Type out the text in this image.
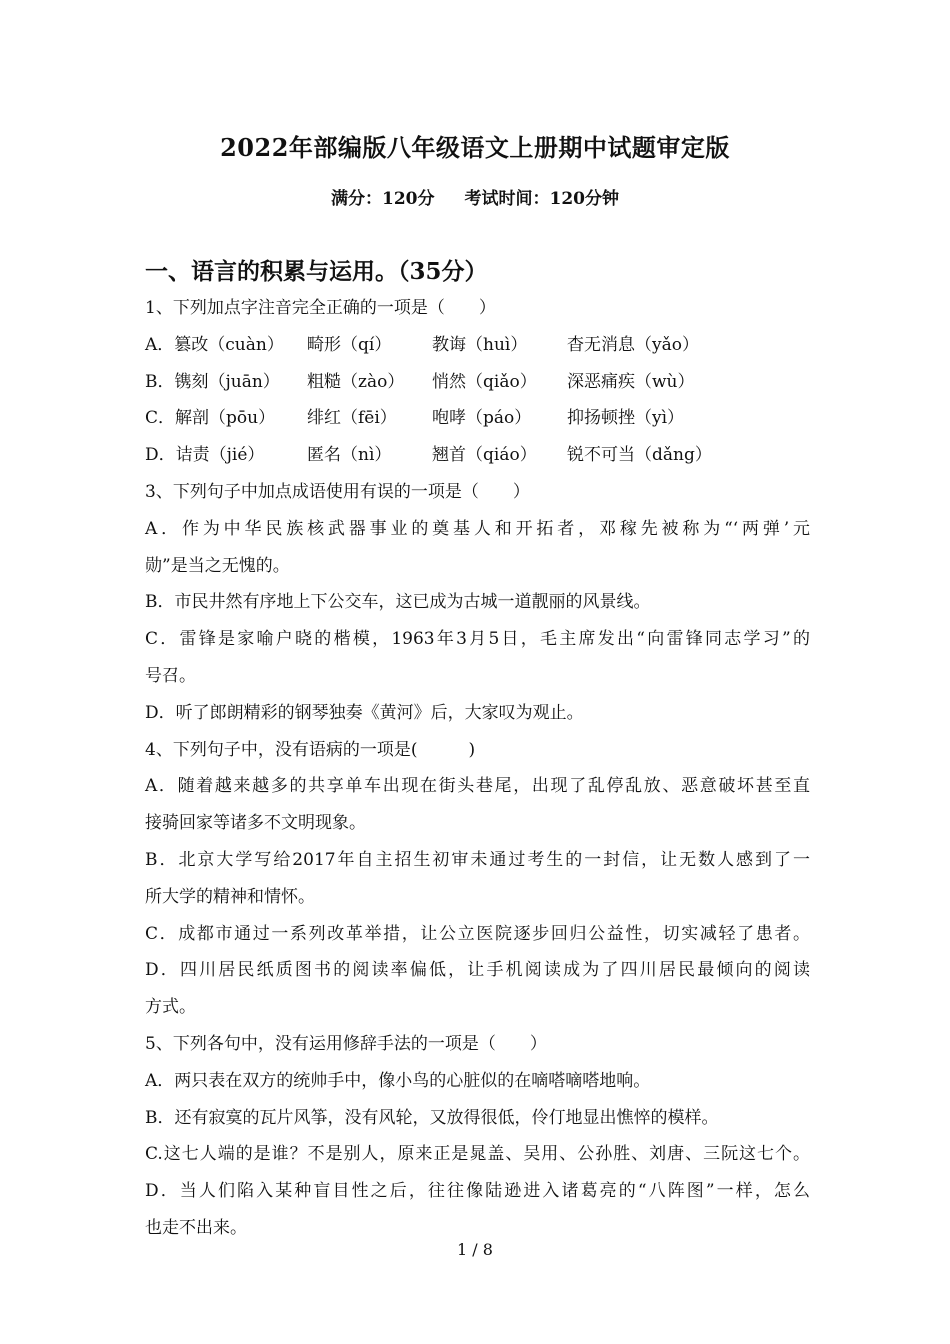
2022年部编版八年级语文上册期中试题审定版
满分：120分 考试时间：120分钟
一、语言的积累与运用。（35分）
1、下列加点字注音完全正确的一项是（　　）
A．篡改（cuàn）	畸形（qí）	教诲（huì）	杳无消息（yǎo）
B．镌刻（juān）	粗糙（zào）	悄然（qiǎo）	深恶痛疾（wù）
C．解剖（pōu）	绯红（fēi）	咆哮（páo）	抑扬顿挫（yì）
D．诘责（jié）	匿名（nì）	翘首（qiáo）	锐不可当（dǎng）
3、下列句子中加点成语使用有误的一项是（　　）
A．作为中华民族核武器事业的奠基人和开拓者，邓稼先被称为“‘两弹’元
勋”是当之无愧的。
B．市民井然有序地上下公交车，这已成为古城一道靓丽的风景线。
C．雷锋是家喻户晓的楷模，1963年3月5日，毛主席发出“向雷锋同志学习”的
号召。
D．听了郎朗精彩的钢琴独奏《黄河》后，大家叹为观止。
4、下列句子中，没有语病的一项是(　　　)
A．随着越来越多的共享单车出现在街头巷尾，出现了乱停乱放、恶意破坏甚至直
接骑回家等诸多不文明现象。
B．北京大学写给2017年自主招生初审未通过考生的一封信，让无数人感到了一
所大学的精神和情怀。
C．成都市通过一系列改革举措，让公立医院逐步回归公益性，切实减轻了患者。
D．四川居民纸质图书的阅读率偏低，让手机阅读成为了四川居民最倾向的阅读
方式。
5、下列各句中，没有运用修辞手法的一项是（　　）
A．两只表在双方的统帅手中，像小鸟的心脏似的在嘀嗒嘀嗒地响。
B．还有寂寞的瓦片风筝，没有风轮，又放得很低，伶仃地显出憔悴的模样。
C.这七人端的是谁？不是别人，原来正是晁盖、吴用、公孙胜、刘唐、三阮这七个。
D．当人们陷入某种盲目性之后，往往像陆逊进入诸葛亮的“八阵图”一样，怎么
也走不出来。
1 / 8
